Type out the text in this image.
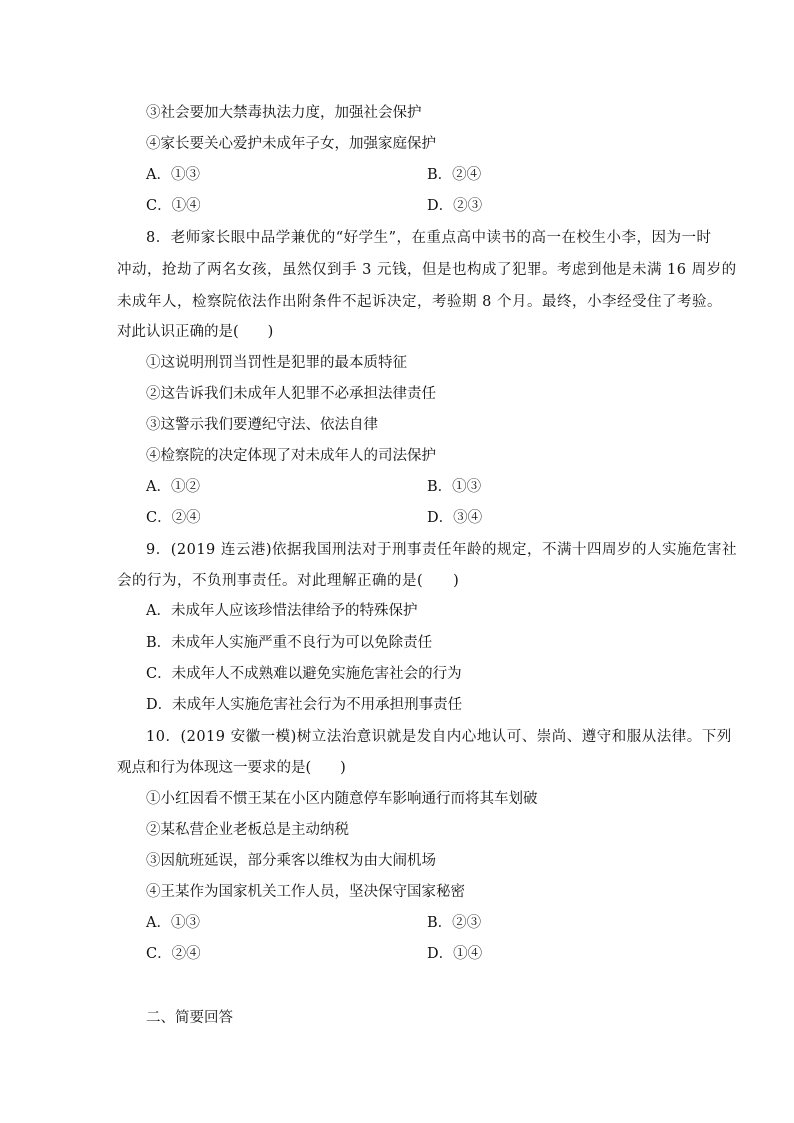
③社会要加大禁毒执法力度，加强社会保护
④家长要关心爱护未成年子女，加强家庭保护
A．①③	B．②④
C．①④	D．②③
8．老师家长眼中品学兼优的“好学生”，在重点高中读书的高一在校生小李，因为一时
冲动，抢劫了两名女孩，虽然仅到手 3 元钱，但是也构成了犯罪。考虑到他是未满 16 周岁的
未成年人，检察院依法作出附条件不起诉决定，考验期 8 个月。最终，小李经受住了考验。
对此认识正确的是(　　)
①这说明刑罚当罚性是犯罪的最本质特征
②这告诉我们未成年人犯罪不必承担法律责任
③这警示我们要遵纪守法、依法自律
④检察院的决定体现了对未成年人的司法保护
A．①②	B．①③
C．②④	D．③④
9．(2019 连云港)依据我国刑法对于刑事责任年龄的规定，不满十四周岁的人实施危害社
会的行为，不负刑事责任。对此理解正确的是(　　)
A．未成年人应该珍惜法律给予的特殊保护
B．未成年人实施严重不良行为可以免除责任
C．未成年人不成熟难以避免实施危害社会的行为
D．未成年人实施危害社会行为不用承担刑事责任
10．(2019 安徽一模)树立法治意识就是发自内心地认可、崇尚、遵守和服从法律。下列
观点和行为体现这一要求的是(　　)
①小红因看不惯王某在小区内随意停车影响通行而将其车划破
②某私营企业老板总是主动纳税
③因航班延误，部分乘客以维权为由大闹机场
④王某作为国家机关工作人员，坚决保守国家秘密
A．①③	B．②③
C．②④	D．①④
二、简要回答
